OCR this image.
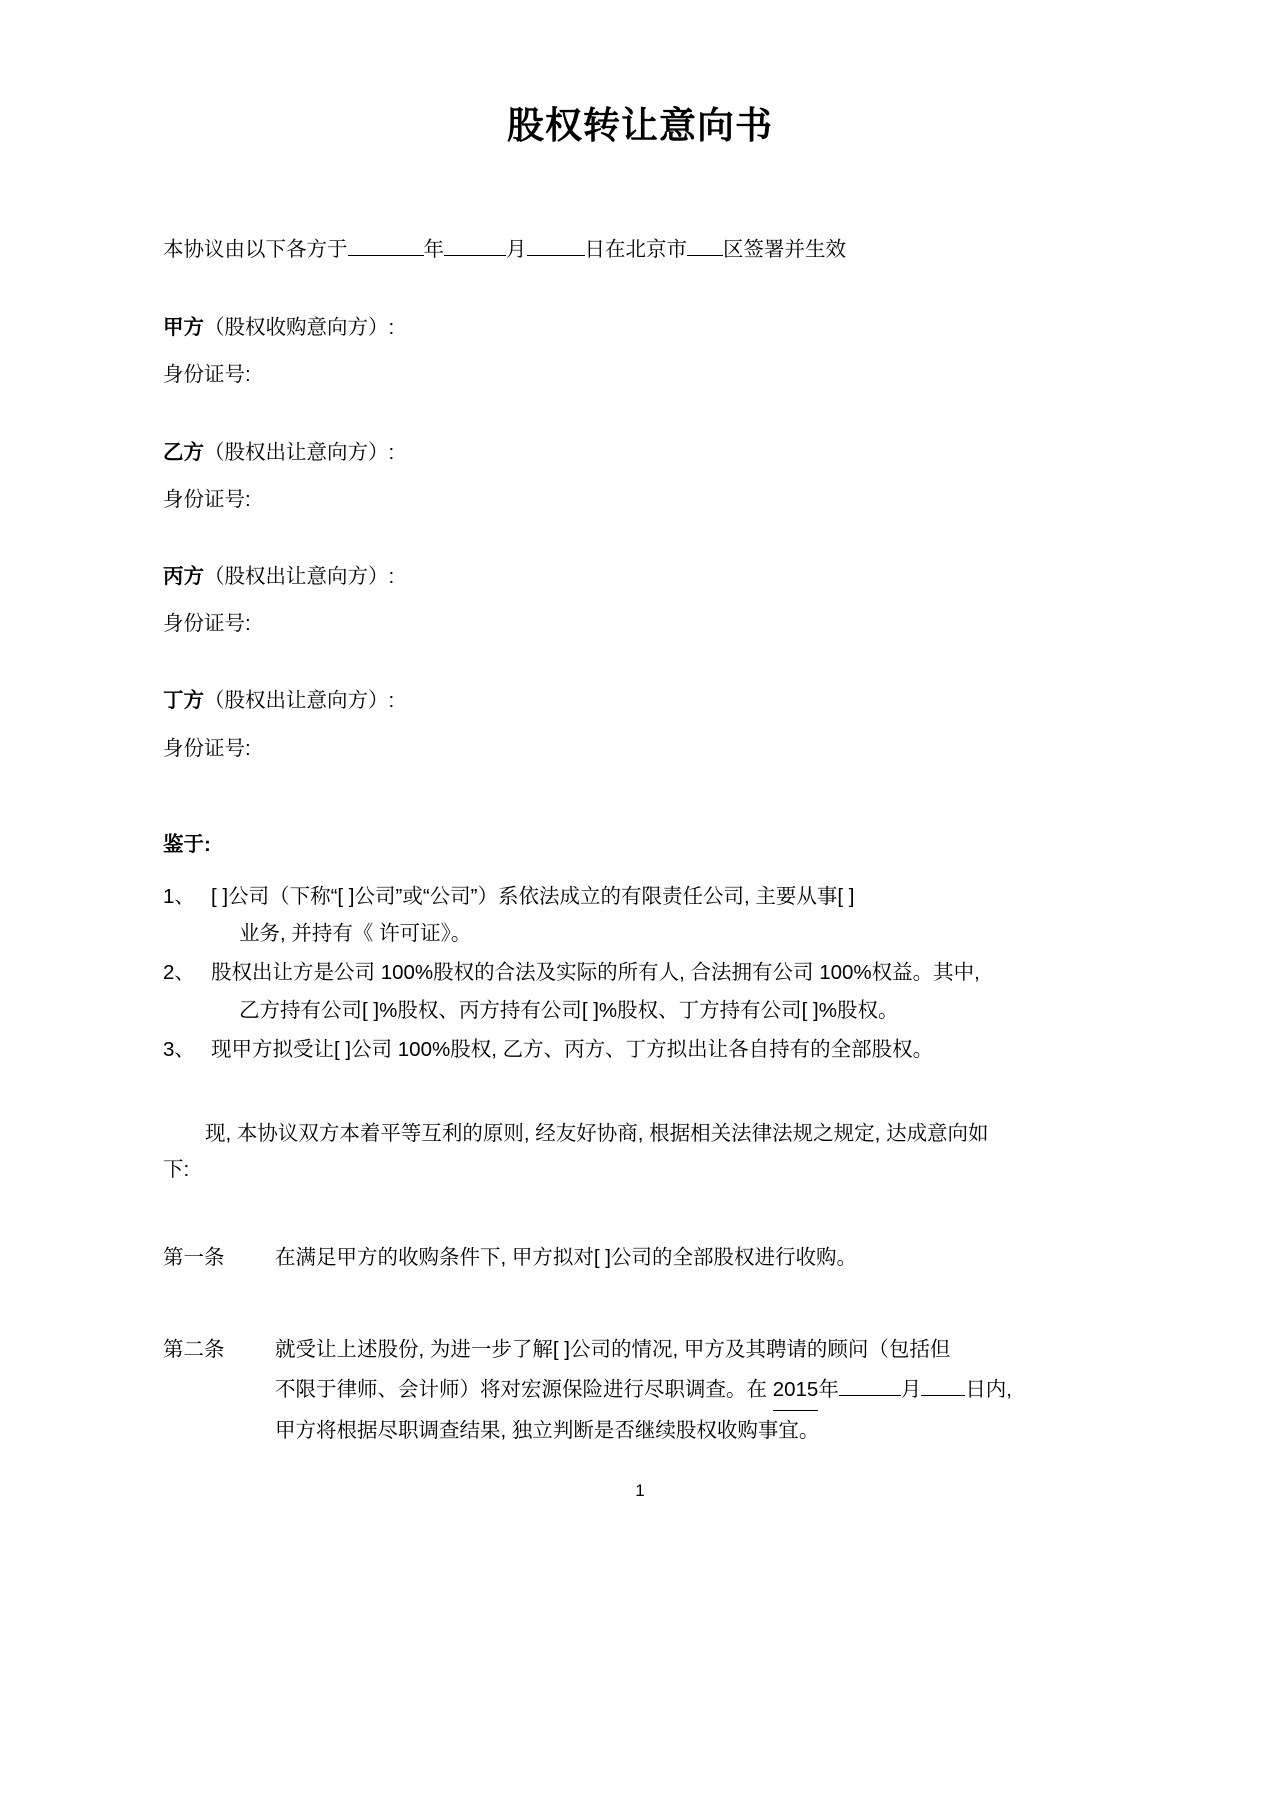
股权转让意向书
本协议由以下各方于	年	月	日在北京市 区签署并生效
甲方（股权收购意向方）:
身份证号:
乙方（股权出让意向方）:
身份证号:
丙方（股权出让意向方）:
身份证号:
丁方（股权出让意向方）:
身份证号:
鉴于:
1、 [ ]公司（下称“[ ]公司”或“公司”）系依法成立的有限责任公司, 主要从事[ ]
业务, 并持有《 许可证》。
2、 股权出让方是公司 100%股权的合法及实际的所有人, 合法拥有公司 100%权益。其中,
乙方持有公司[ ]%股权、丙方持有公司[ ]%股权、丁方持有公司[ ]%股权。
3、 现甲方拟受让[ ]公司 100%股权, 乙方、丙方、丁方拟出让各自持有的全部股权。
现, 本协议双方本着平等互利的原则, 经友好协商, 根据相关法律法规之规定, 达成意向如
下:
第一条	在满足甲方的收购条件下, 甲方拟对[ ]公司的全部股权进行收购。
第二条	就受让上述股份, 为进一步了解[ ]公司的情况, 甲方及其聘请的顾问（包括但
不限于律师、会计师）将对宏源保险进行尽职调查。在 2015年	月 日内,
甲方将根据尽职调查结果, 独立判断是否继续股权收购事宜。
1
